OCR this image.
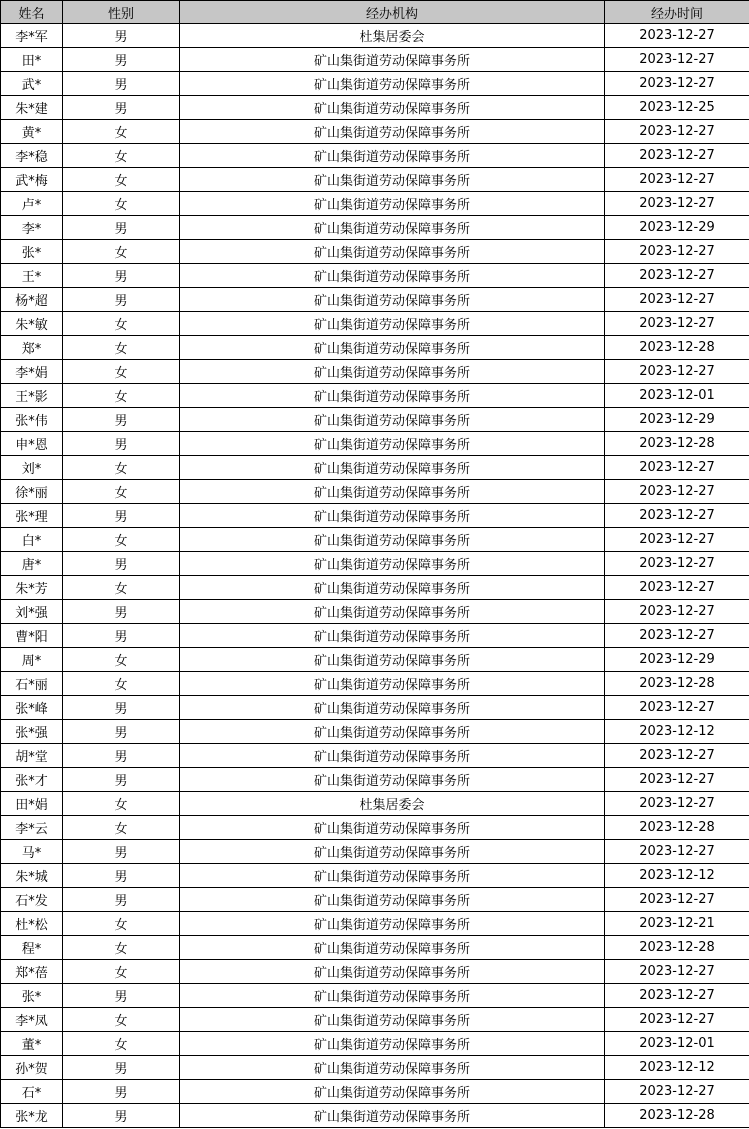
姓名	性别	经办机构	经办时间
李*军	男	杜集居委会	2023-12-27
田*	男	矿山集街道劳动保障事务所	2023-12-27
武*	男	矿山集街道劳动保障事务所	2023-12-27
朱*建	男	矿山集街道劳动保障事务所	2023-12-25
黄*	女	矿山集街道劳动保障事务所	2023-12-27
李*稳	女	矿山集街道劳动保障事务所	2023-12-27
武*梅	女	矿山集街道劳动保障事务所	2023-12-27
卢*	女	矿山集街道劳动保障事务所	2023-12-27
李*	男	矿山集街道劳动保障事务所	2023-12-29
张*	女	矿山集街道劳动保障事务所	2023-12-27
王*	男	矿山集街道劳动保障事务所	2023-12-27
杨*超	男	矿山集街道劳动保障事务所	2023-12-27
朱*敏	女	矿山集街道劳动保障事务所	2023-12-27
郑*	女	矿山集街道劳动保障事务所	2023-12-28
李*娟	女	矿山集街道劳动保障事务所	2023-12-27
王*影	女	矿山集街道劳动保障事务所	2023-12-01
张*伟	男	矿山集街道劳动保障事务所	2023-12-29
申*恩	男	矿山集街道劳动保障事务所	2023-12-28
刘*	女	矿山集街道劳动保障事务所	2023-12-27
徐*丽	女	矿山集街道劳动保障事务所	2023-12-27
张*理	男	矿山集街道劳动保障事务所	2023-12-27
白*	女	矿山集街道劳动保障事务所	2023-12-27
唐*	男	矿山集街道劳动保障事务所	2023-12-27
朱*芳	女	矿山集街道劳动保障事务所	2023-12-27
刘*强	男	矿山集街道劳动保障事务所	2023-12-27
曹*阳	男	矿山集街道劳动保障事务所	2023-12-27
周*	女	矿山集街道劳动保障事务所	2023-12-29
石*丽	女	矿山集街道劳动保障事务所	2023-12-28
张*峰	男	矿山集街道劳动保障事务所	2023-12-27
张*强	男	矿山集街道劳动保障事务所	2023-12-12
胡*堂	男	矿山集街道劳动保障事务所	2023-12-27
张*才	男	矿山集街道劳动保障事务所	2023-12-27
田*娟	女	杜集居委会	2023-12-27
李*云	女	矿山集街道劳动保障事务所	2023-12-28
马*	男	矿山集街道劳动保障事务所	2023-12-27
朱*城	男	矿山集街道劳动保障事务所	2023-12-12
石*发	男	矿山集街道劳动保障事务所	2023-12-27
杜*松	女	矿山集街道劳动保障事务所	2023-12-21
程*	女	矿山集街道劳动保障事务所	2023-12-28
郑*蓓	女	矿山集街道劳动保障事务所	2023-12-27
张*	男	矿山集街道劳动保障事务所	2023-12-27
李*凤	女	矿山集街道劳动保障事务所	2023-12-27
董*	女	矿山集街道劳动保障事务所	2023-12-01
孙*贺	男	矿山集街道劳动保障事务所	2023-12-12
石*	男	矿山集街道劳动保障事务所	2023-12-27
张*龙	男	矿山集街道劳动保障事务所	2023-12-28
